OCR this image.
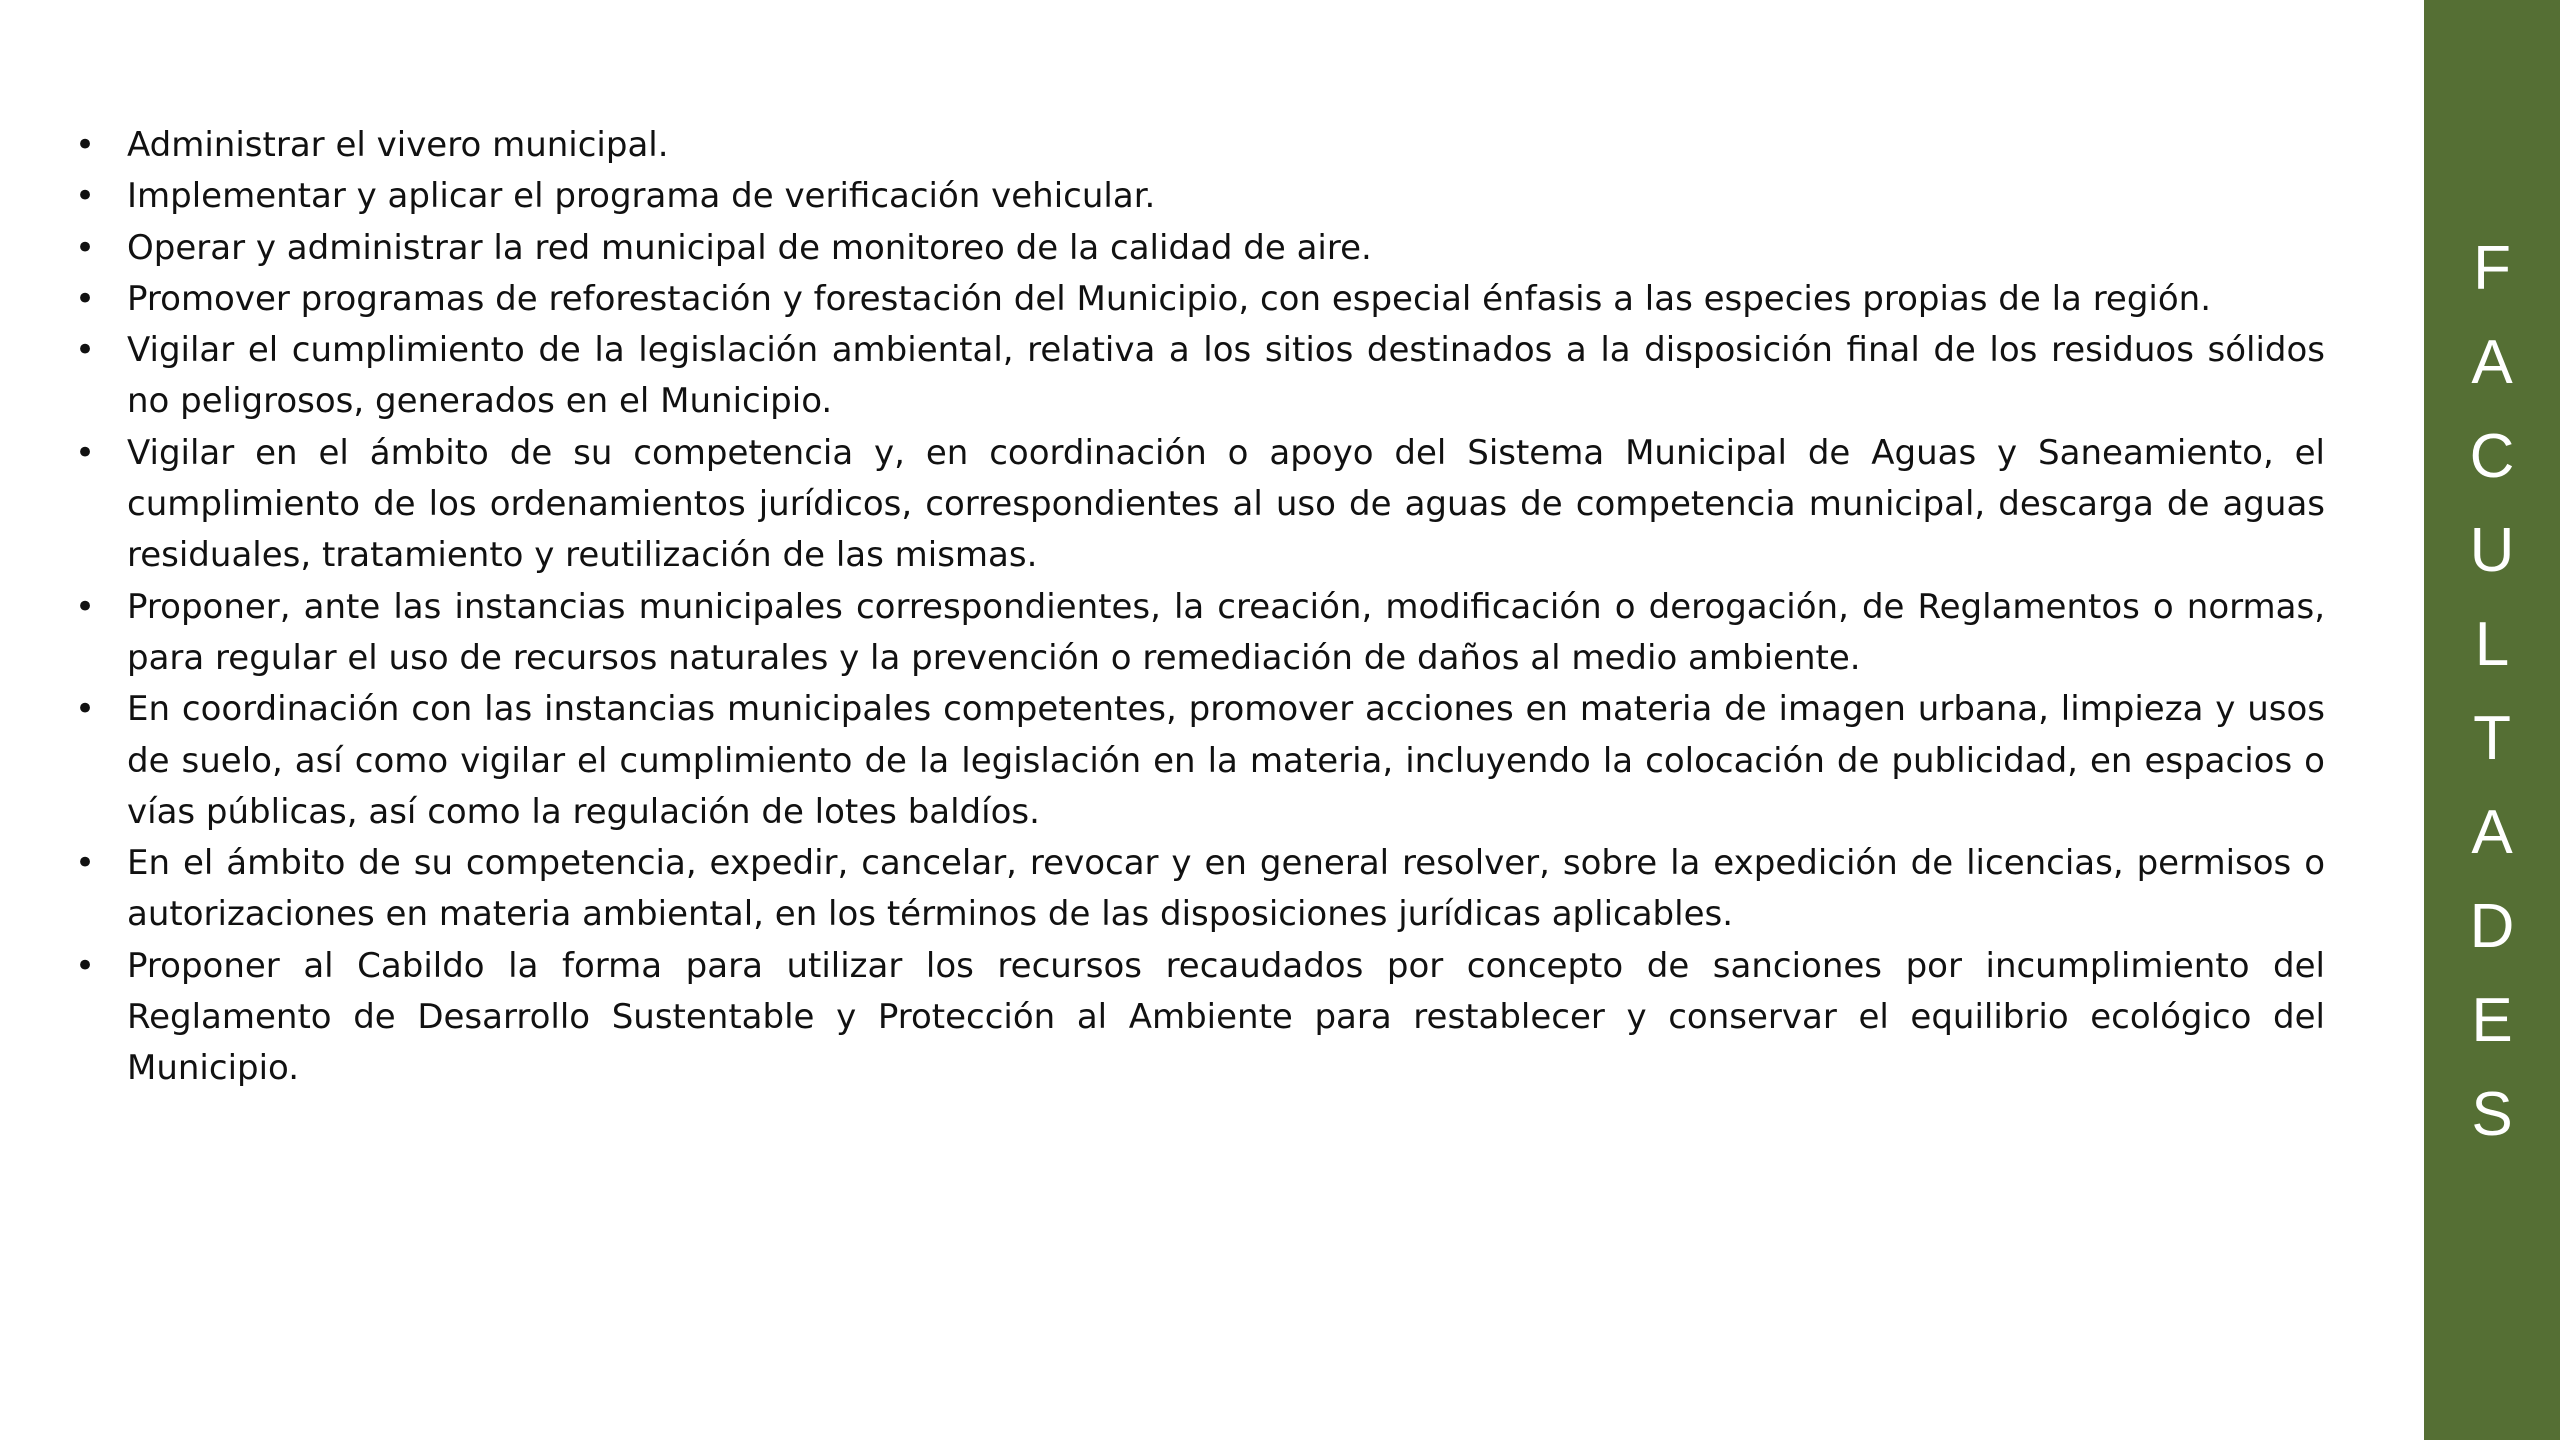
• Administrar el vivero municipal.
• Implementar y aplicar el programa de verificación vehicular.
• Operar y administrar la red municipal de monitoreo de la calidad de aire.
• Promover programas de reforestación y forestación del Municipio, con especial énfasis a las especies propias de la región.
• Vigilar el cumplimiento de la legislación ambiental, relativa a los sitios destinados a la disposición final de los residuos sólidos no peligrosos, generados en el Municipio.
• Vigilar en el ámbito de su competencia y, en coordinación o apoyo del Sistema Municipal de Aguas y Saneamiento, el cumplimiento de los ordenamientos jurídicos, correspondientes al uso de aguas de competencia municipal, descarga de aguas residuales, tratamiento y reutilización de las mismas.
• Proponer, ante las instancias municipales correspondientes, la creación, modificación o derogación, de Reglamentos o normas, para regular el uso de recursos naturales y la prevención o remediación de daños al medio ambiente.
• En coordinación con las instancias municipales competentes, promover acciones en materia de imagen urbana, limpieza y usos de suelo, así como vigilar el cumplimiento de la legislación en la materia, incluyendo la colocación de publicidad, en espacios o vías públicas, así como la regulación de lotes baldíos.
• En el ámbito de su competencia, expedir, cancelar, revocar y en general resolver, sobre la expedición de licencias, permisos o autorizaciones en materia ambiental, en los términos de las disposiciones jurídicas aplicables.
• Proponer al Cabildo la forma para utilizar los recursos recaudados por concepto de sanciones por incumplimiento del Reglamento de Desarrollo Sustentable y Protección al Ambiente para restablecer y conservar el equilibrio ecológico del Municipio.
F
A
C
U
L
T
A
D
E
S
